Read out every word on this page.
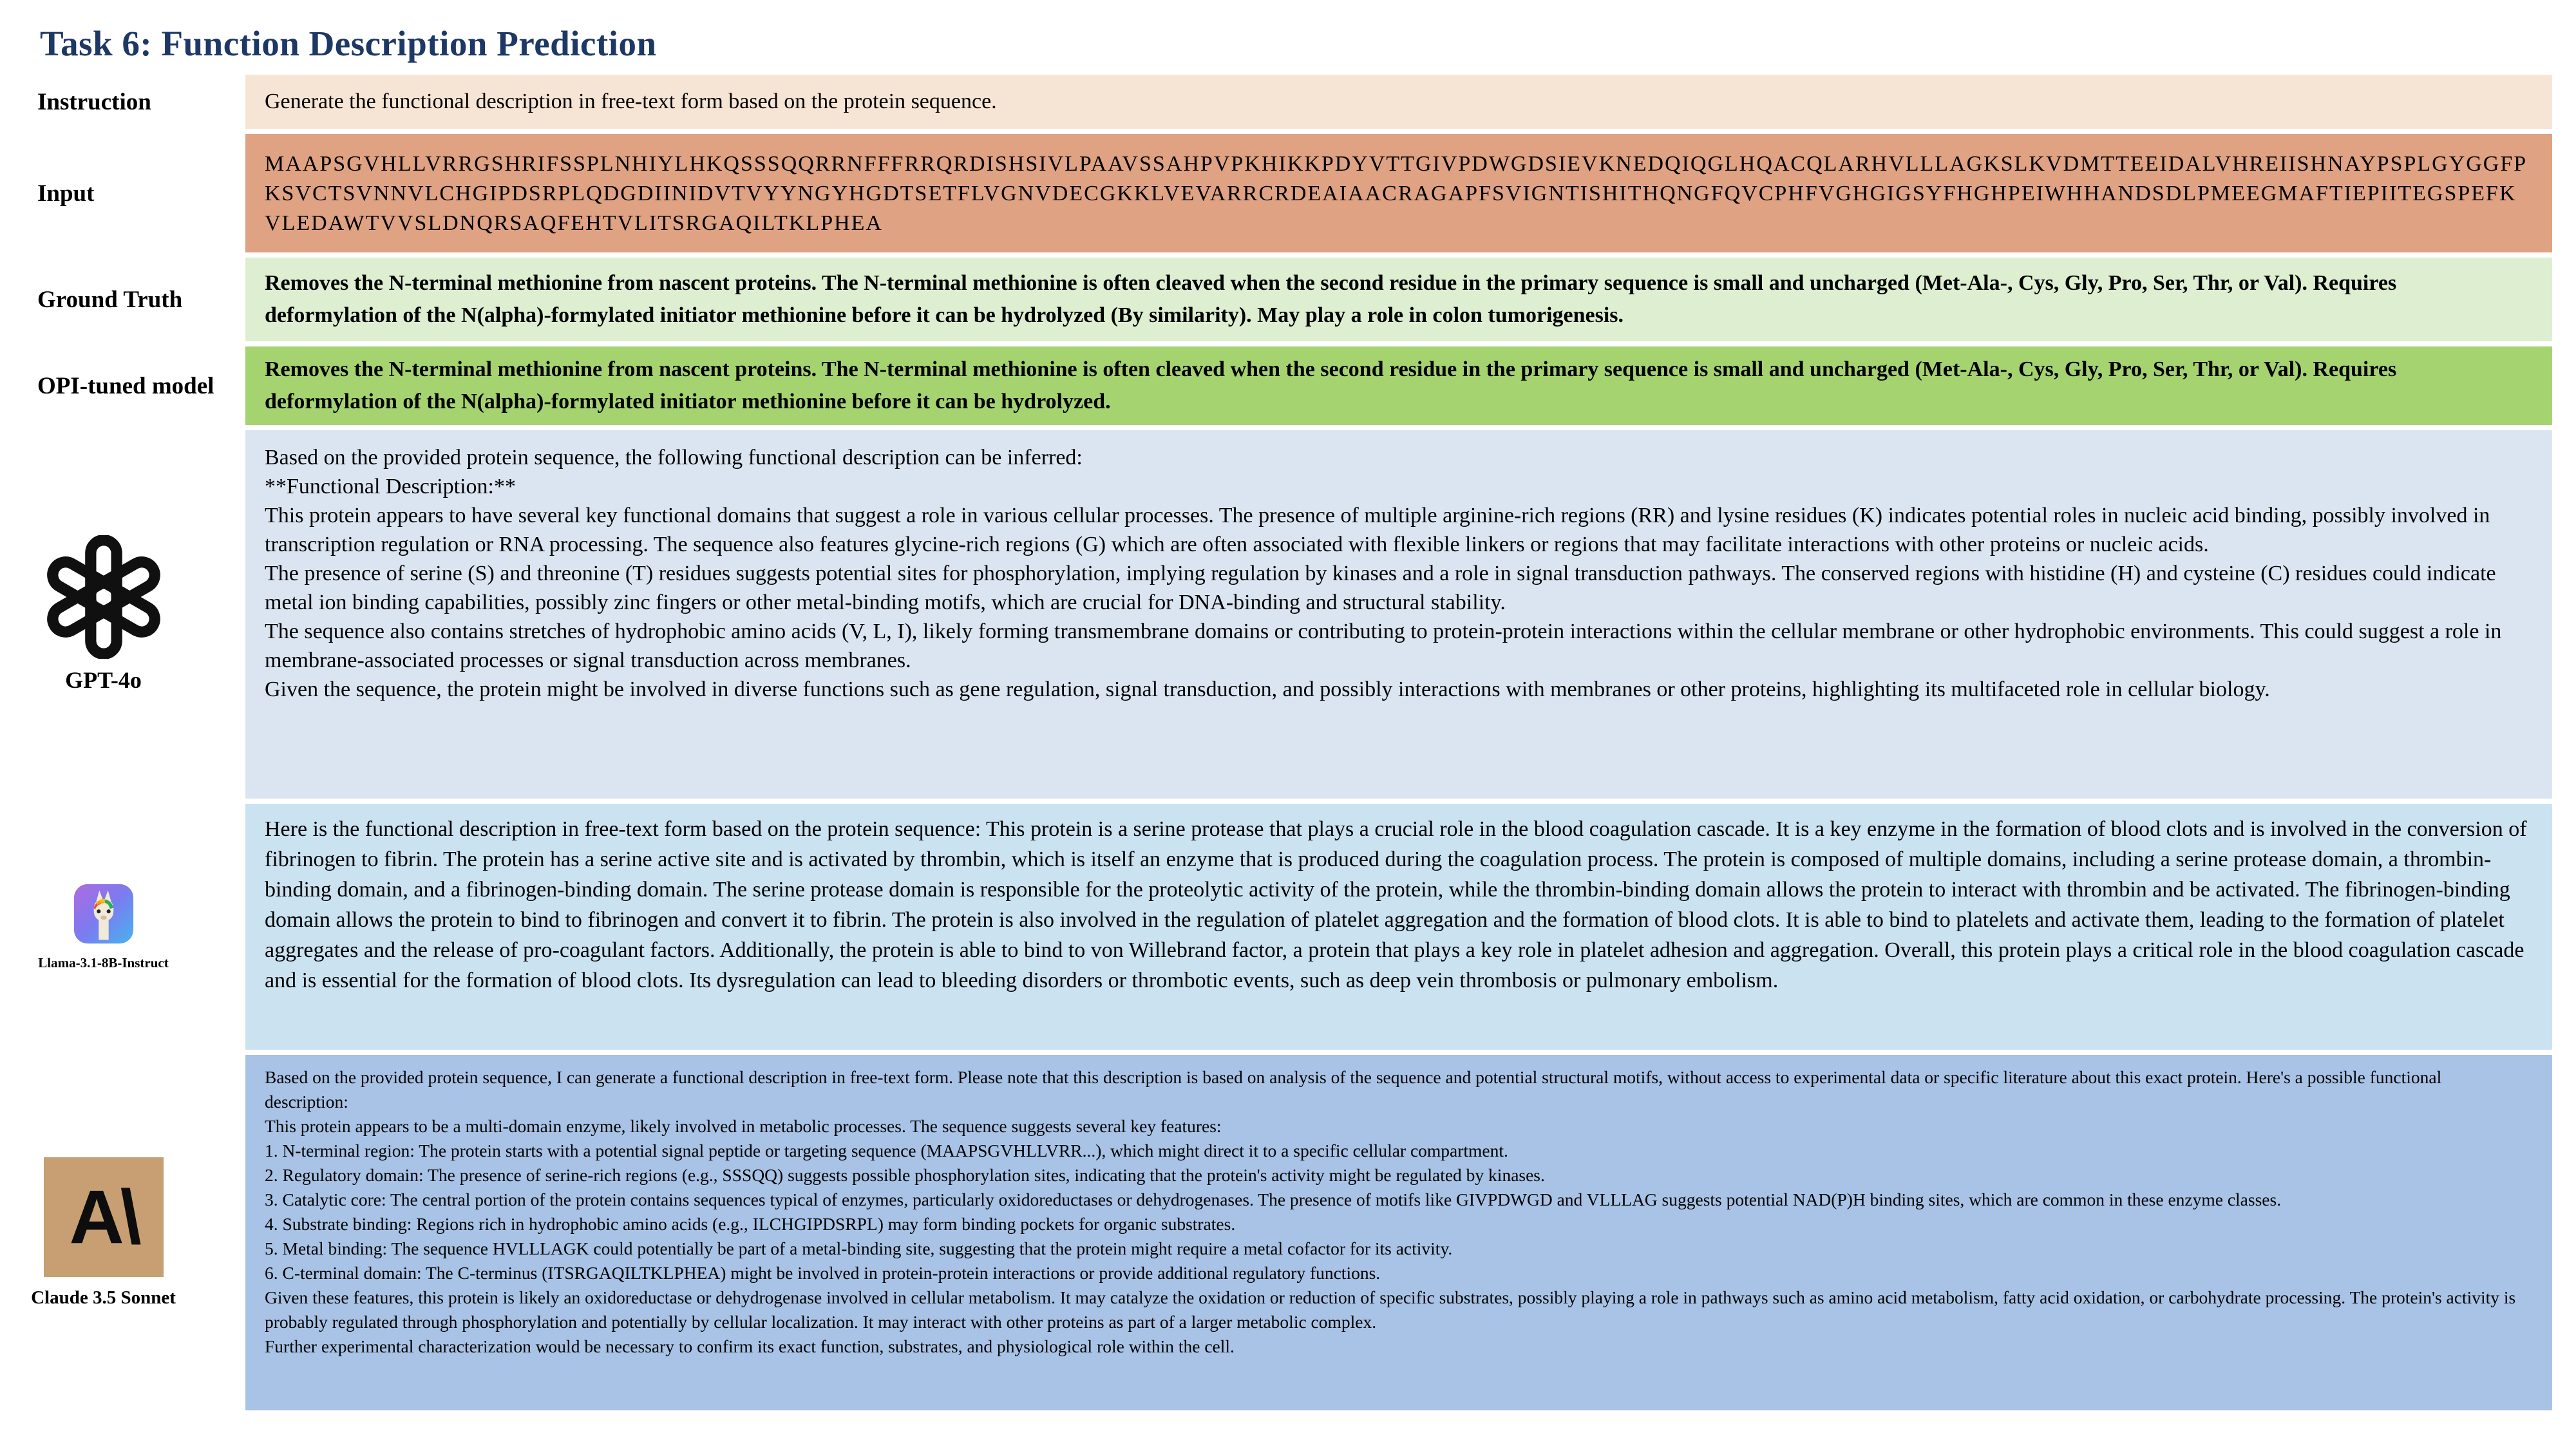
Task 6: Function Description Prediction
Instruction	Generate the functional description in free-text form based on the protein sequence.

Input

MAAPSGVHLLVRRGSHRIFSSPLNHIYLHKQSSSQQRRNFFFRRQRDISHSIVLPAAVSSAHPVPKHIKKPDYVTTGIVPDWGDSIEVKNEDQIQGLHQACQLARHVLLLAGKSLKVDMTTEEIDALVHREIISHNAYPSPLGYGGFPKSVCTSVNNVLCHGIPDSRPLQDGDIINIDVTVYYNGYHGDTSETFLVGNVDECGKKLVEVARRCRDEAIAACRAGAPFSVIGNTISHITHQNGFQVCPHFVGHGIGSYFHGHPEIWHHANDSDLPMEEGMAFTIEPIITEGSPEFKVLEDAWTVVSLDNQRSAQFEHTVLITSRGAQILTKLPHEA

Ground Truth

Removes the N-terminal methionine from nascent proteins. The N-terminal methionine is often cleaved when the second residue in the primary sequence is small and uncharged (Met-Ala-, Cys, Gly, Pro, Ser, Thr, or Val). Requires deformylation of the N(alpha)-formylated initiator methionine before it can be hydrolyzed (By similarity). May play a role in colon tumorigenesis.

OPI-tuned model

Removes the N-terminal methionine from nascent proteins. The N-terminal methionine is often cleaved when the second residue in the primary sequence is small and uncharged (Met-Ala-, Cys, Gly, Pro, Ser, Thr, or Val). Requires deformylation of the N(alpha)-formylated initiator methionine before it can be hydrolyzed.

GPT-4o

Based on the provided protein sequence, the following functional description can be inferred:

**Functional Description:**

This protein appears to have several key functional domains that suggest a role in various cellular processes. The presence of multiple arginine-rich regions (RR) and lysine residues (K) indicates potential roles in nucleic acid binding, possibly involved in transcription regulation or RNA processing. The sequence also features glycine-rich regions (G) which are often associated with flexible linkers or regions that may facilitate interactions with other proteins or nucleic acids.

The presence of serine (S) and threonine (T) residues suggests potential sites for phosphorylation, implying regulation by kinases and a role in signal transduction pathways. The conserved regions with histidine (H) and cysteine (C) residues could indicate metal ion binding capabilities, possibly zinc fingers or other metal-binding motifs, which are crucial for DNA-binding and structural stability.

The sequence also contains stretches of hydrophobic amino acids (V, L, I), likely forming transmembrane domains or contributing to protein-protein interactions within the cellular membrane or other hydrophobic environments. This could suggest a role in membrane-associated processes or signal transduction across membranes.

Given the sequence, the protein might be involved in diverse functions such as gene regulation, signal transduction, and possibly interactions with membranes or other proteins, highlighting its multifaceted role in cellular biology.

Llama-3.1-8B-Instruct

Here is the functional description in free-text form based on the protein sequence: This protein is a serine protease that plays a crucial role in the blood coagulation cascade. It is a key enzyme in the formation of blood clots and is involved in the conversion of fibrinogen to fibrin. The protein has a serine active site and is activated by thrombin, which is itself an enzyme that is produced during the coagulation process. The protein is composed of multiple domains, including a serine protease domain, a thrombin-binding domain, and a fibrinogen-binding domain. The serine protease domain is responsible for the proteolytic activity of the protein, while the thrombin-binding domain allows the protein to interact with thrombin and be activated. The fibrinogen-binding domain allows the protein to bind to fibrinogen and convert it to fibrin. The protein is also involved in the regulation of platelet aggregation and the formation of blood clots. It is able to bind to platelets and activate them, leading to the formation of platelet aggregates and the release of pro-coagulant factors. Additionally, the protein is able to bind to von Willebrand factor, a protein that plays a key role in platelet adhesion and aggregation. Overall, this protein plays a critical role in the blood coagulation cascade and is essential for the formation of blood clots. Its dysregulation can lead to bleeding disorders or thrombotic events, such as deep vein thrombosis or pulmonary embolism.

A\
Claude 3.5 Sonnet

Based on the provided protein sequence, I can generate a functional description in free-text form. Please note that this description is based on analysis of the sequence and potential structural motifs, without access to experimental data or specific literature about this exact protein. Here's a possible functional description:

This protein appears to be a multi-domain enzyme, likely involved in metabolic processes. The sequence suggests several key features:

1. N-terminal region: The protein starts with a potential signal peptide or targeting sequence (MAAPSGVHLLVRR...), which might direct it to a specific cellular compartment.

2. Regulatory domain: The presence of serine-rich regions (e.g., SSSQQ) suggests possible phosphorylation sites, indicating that the protein's activity might be regulated by kinases.

3. Catalytic core: The central portion of the protein contains sequences typical of enzymes, particularly oxidoreductases or dehydrogenases. The presence of motifs like GIVPDWGD and VLLLAG suggests potential NAD(P)H binding sites, which are common in these enzyme classes.

4. Substrate binding: Regions rich in hydrophobic amino acids (e.g., ILCHGIPDSRPL) may form binding pockets for organic substrates.

5. Metal binding: The sequence HVLLLAGK could potentially be part of a metal-binding site, suggesting that the protein might require a metal cofactor for its activity.

6. C-terminal domain: The C-terminus (ITSRGAQILTKLPHEA) might be involved in protein-protein interactions or provide additional regulatory functions.

Given these features, this protein is likely an oxidoreductase or dehydrogenase involved in cellular metabolism. It may catalyze the oxidation or reduction of specific substrates, possibly playing a role in pathways such as amino acid metabolism, fatty acid oxidation, or carbohydrate processing. The protein's activity is probably regulated through phosphorylation and potentially by cellular localization. It may interact with other proteins as part of a larger metabolic complex.

Further experimental characterization would be necessary to confirm its exact function, substrates, and physiological role within the cell.
